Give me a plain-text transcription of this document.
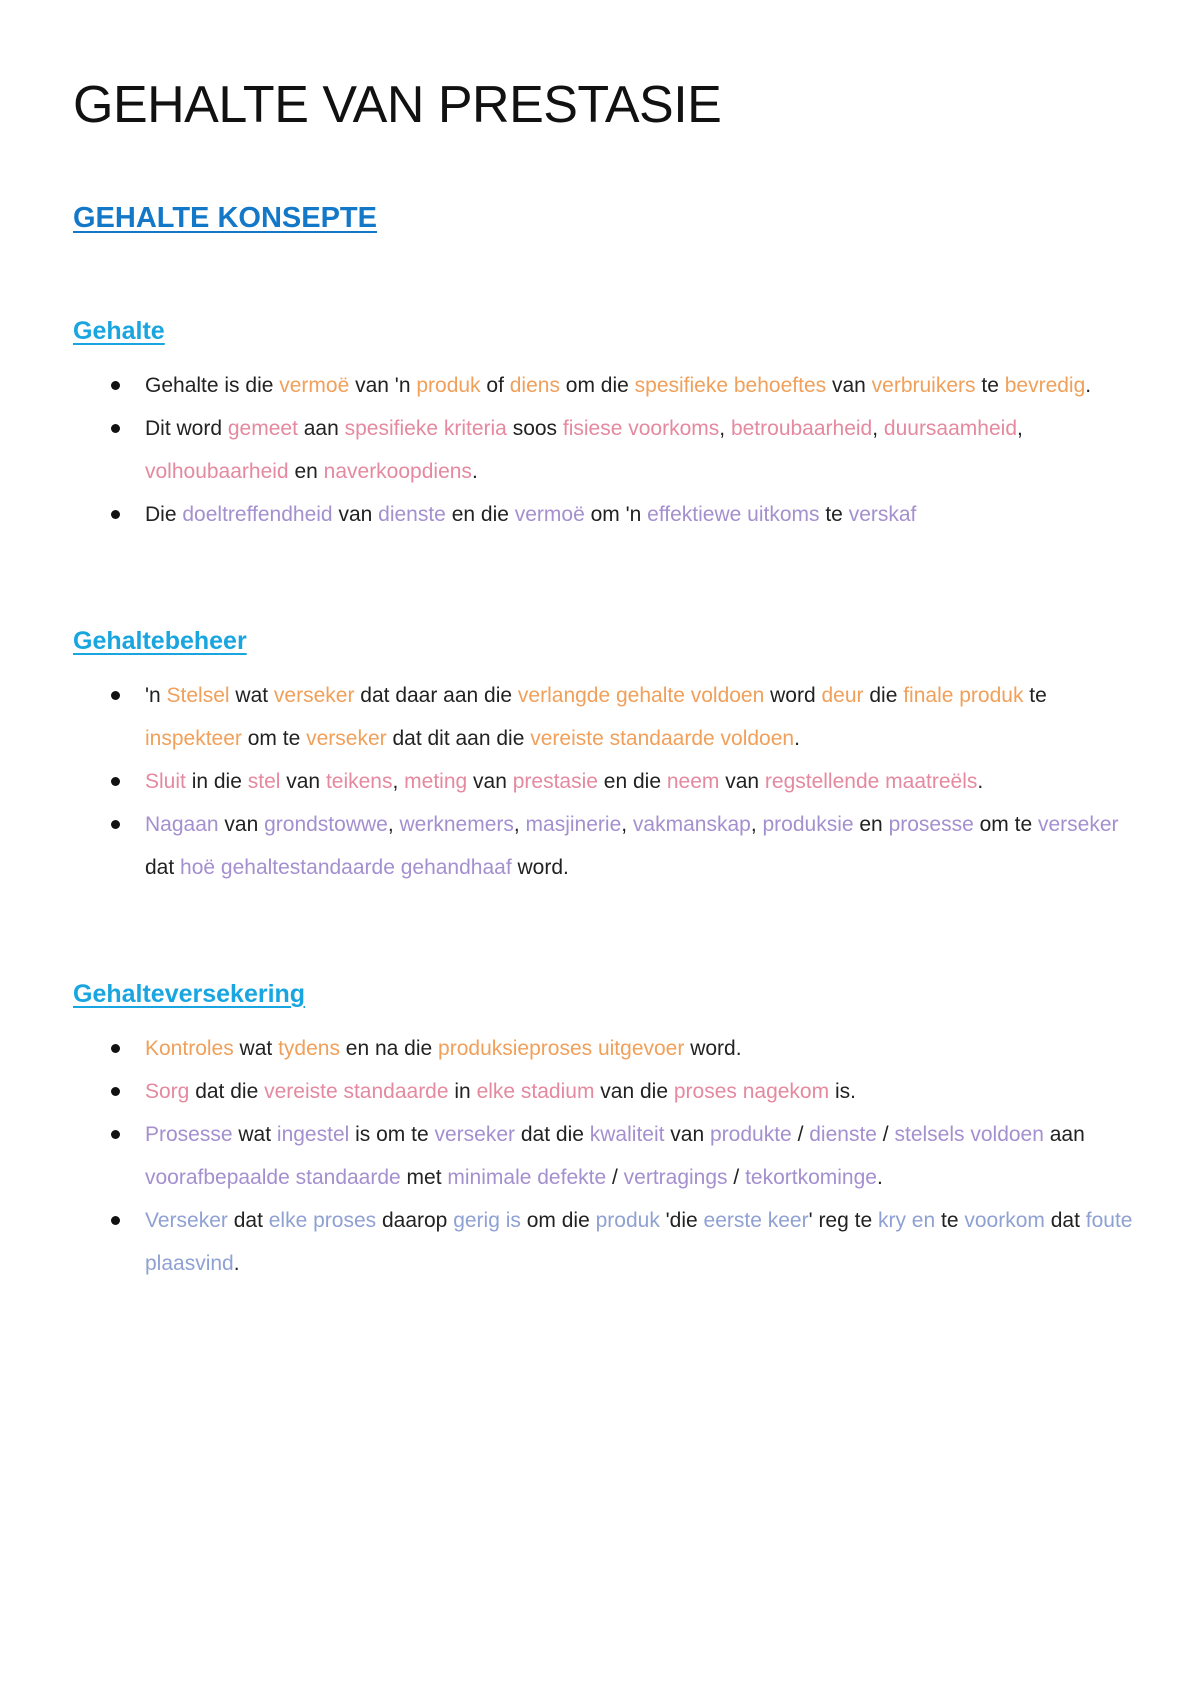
GEHALTE VAN PRESTASIE
GEHALTE KONSEPTE
Gehalte
Gehalte is die vermoë van 'n produk of diens om die spesifieke behoeftes van verbruikers te bevredig.
Dit word gemeet aan spesifieke kriteria soos fisiese voorkoms, betroubaarheid, duursaamheid, volhoubaarheid en naverkoopdiens.
Die doeltreffendheid van dienste en die vermoë om 'n effektiewe uitkoms te verskaf
Gehaltebeheer
'n Stelsel wat verseker dat daar aan die verlangde gehalte voldoen word deur die finale produk te inspekteer om te verseker dat dit aan die vereiste standaarde voldoen.
Sluit in die stel van teikens, meting van prestasie en die neem van regstellende maatreëls.
Nagaan van grondstowwe, werknemers, masjinerie, vakmanskap, produksie en prosesse om te verseker dat hoë gehaltestandaarde gehandhaaf word.
Gehalteversekering
Kontroles wat tydens en na die produksieproses uitgevoer word.
Sorg dat die vereiste standaarde in elke stadium van die proses nagekom is.
Prosesse wat ingestel is om te verseker dat die kwaliteit van produkte / dienste / stelsels voldoen aan voorafbepaalde standaarde met minimale defekte / vertragings / tekortkominge.
Verseker dat elke proses daarop gerig is om die produk 'die eerste keer' reg te kry en te voorkom dat foute plaasvind.
